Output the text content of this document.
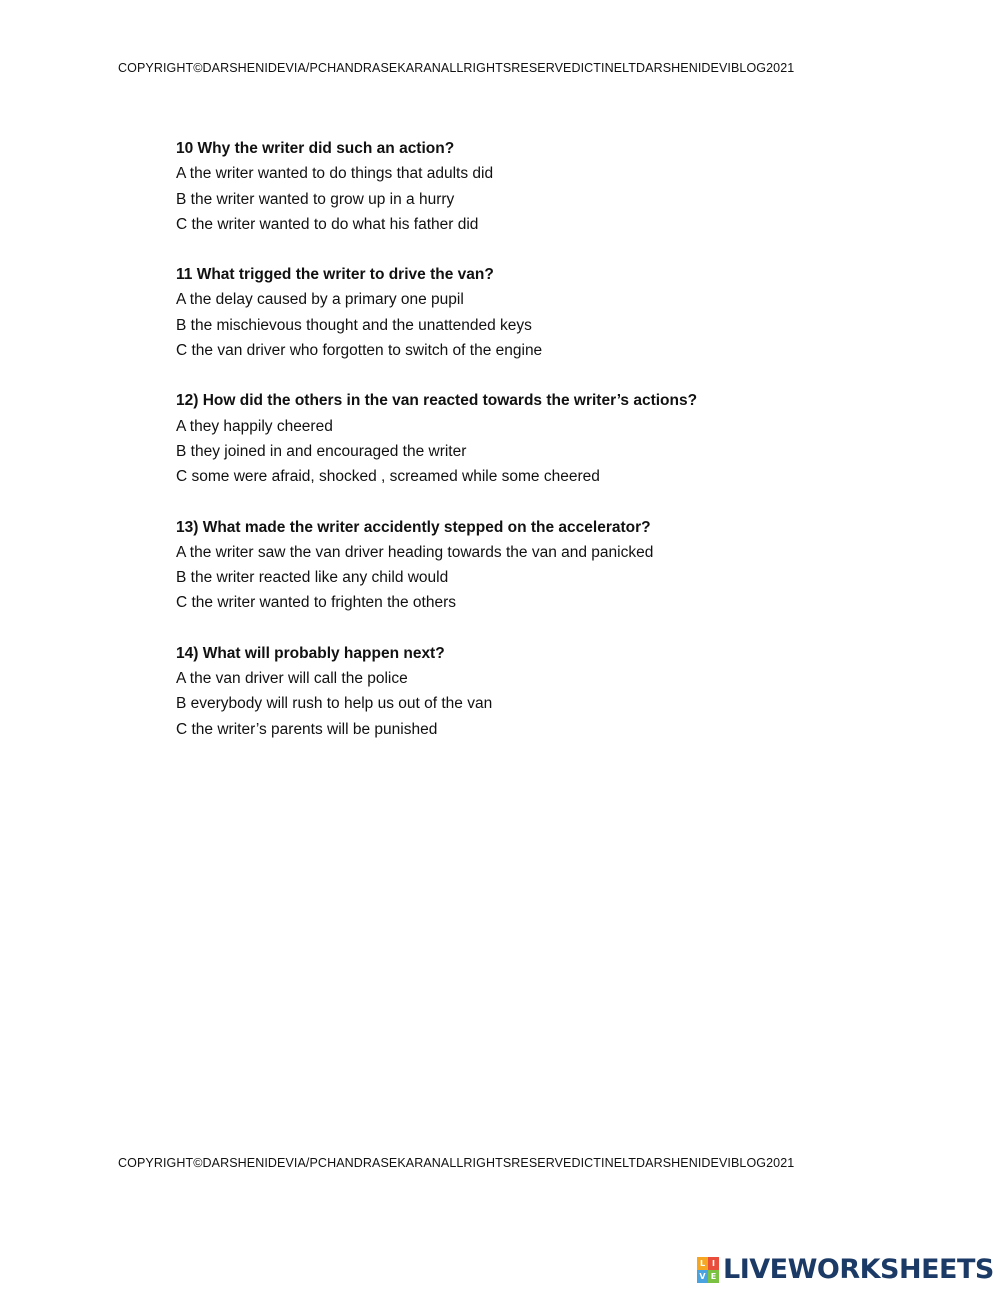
COPYRIGHT©DARSHENIDEVIA/PCHANDRASEKARANALLRIGHTSRESERVEDICTINELTDARSHENIDEVIBLOG2021
10 Why the writer did such an action?
A the writer wanted to do things that adults did
B the writer wanted to grow up in a hurry
C the writer wanted to do what his father did
11 What trigged the writer to drive the van?
A the delay caused by a primary one pupil
B the mischievous thought and the unattended keys
C the van driver who forgotten to switch of the engine
12) How did the others in the van reacted towards the writer’s actions?
A they happily cheered
B they joined in and encouraged the writer
C some were afraid, shocked , screamed while some cheered
13) What made the writer accidently stepped on the accelerator?
A the writer saw the van driver heading towards the van and panicked
B the writer reacted like any child would
C the writer wanted to frighten the others
14) What will probably happen next?
A the van driver will call the police
B everybody will rush to help us out of the van
C the writer’s parents will be punished
COPYRIGHT©DARSHENIDEVIA/PCHANDRASEKARANALLRIGHTSRESERVEDICTINELTDARSHENIDEVIBLOG2021
L I
V E LIVEWORKSHEETS
